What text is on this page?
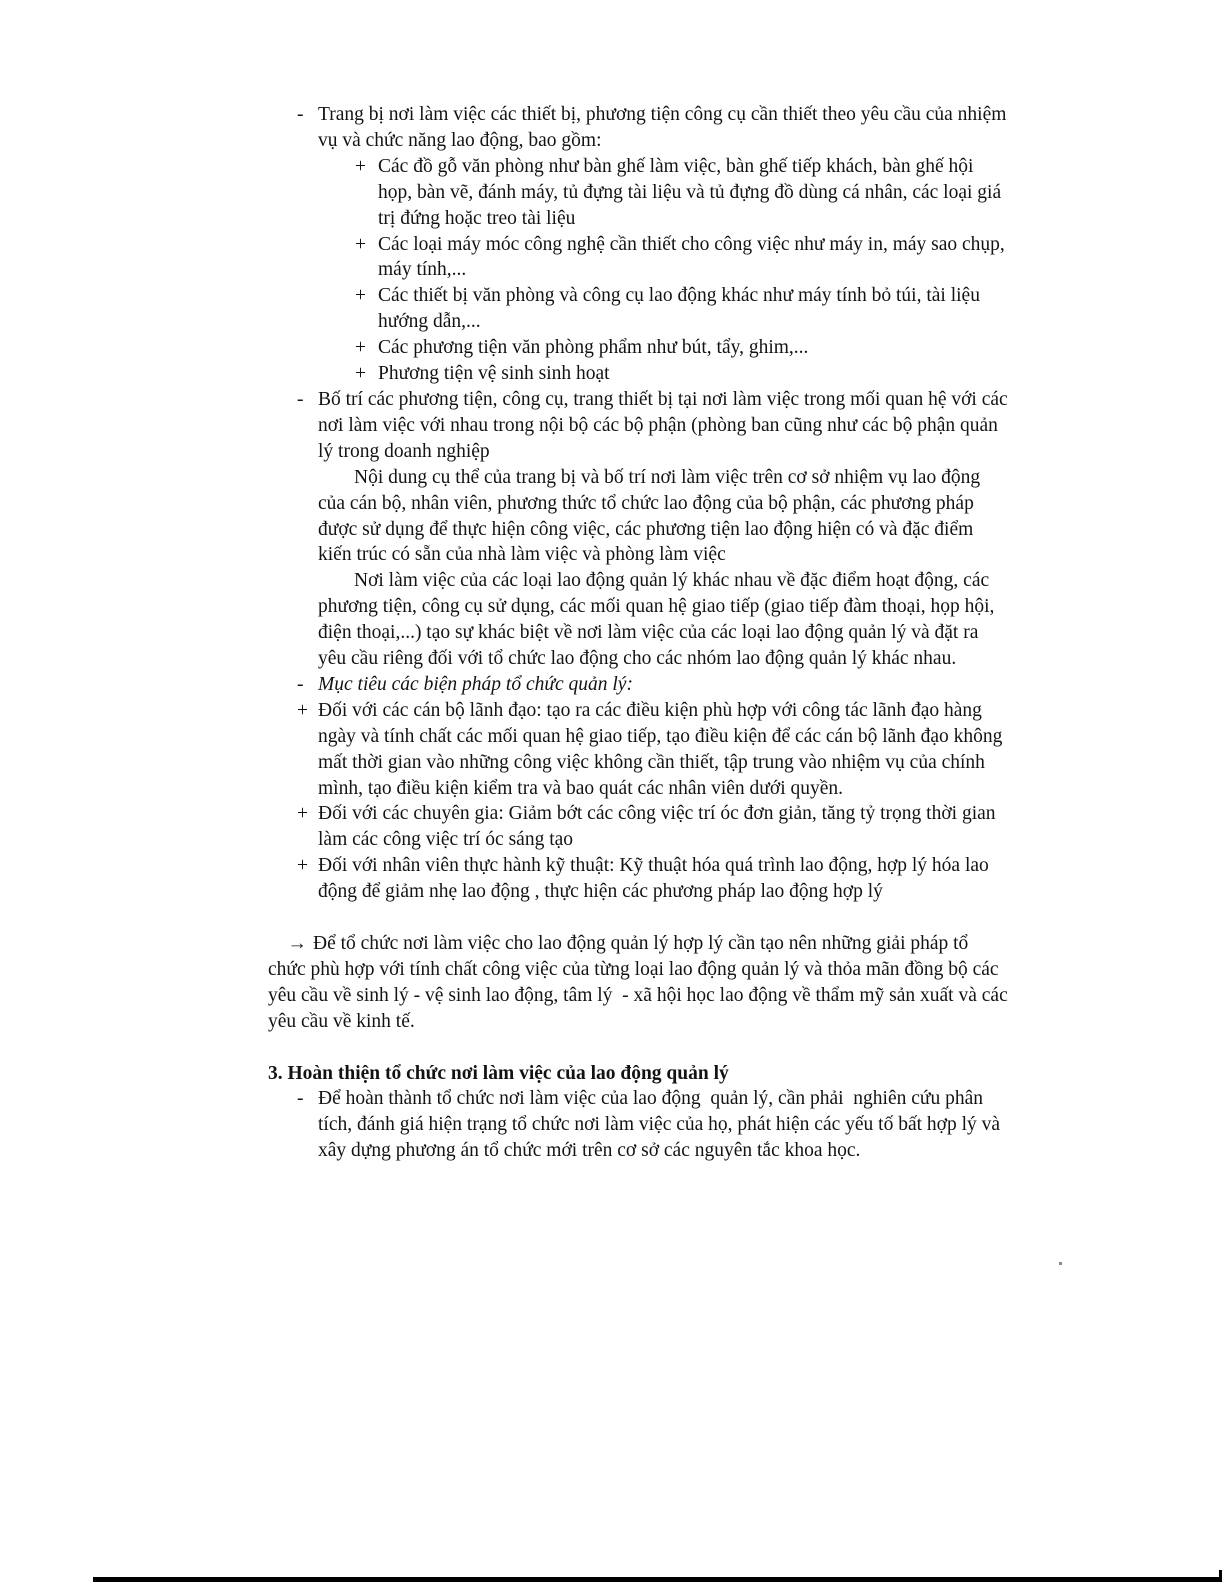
- Trang bị nơi làm việc các thiết bị, phương tiện công cụ cần thiết theo yêu cầu của nhiệm vụ và chức năng lao động, bao gồm:
+ Các đồ gỗ văn phòng như bàn ghế làm việc, bàn ghế tiếp khách, bàn ghế hội họp, bàn vẽ, đánh máy, tủ đựng tài liệu và tủ đựng đồ dùng cá nhân, các loại giá trị đứng hoặc treo tài liệu
+ Các loại máy móc công nghệ cần thiết cho công việc như máy in, máy sao chụp, máy tính,...
+ Các thiết bị văn phòng và công cụ lao động khác như máy tính bỏ túi, tài liệu hướng dẫn,...
+ Các phương tiện văn phòng phẩm như bút, tẩy, ghim,...
+ Phương tiện vệ sinh sinh hoạt
- Bố trí các phương tiện, công cụ, trang thiết bị tại nơi làm việc trong mối quan hệ với các nơi làm việc với nhau trong nội bộ các bộ phận (phòng ban cũng như các bộ phận quản lý trong doanh nghiệp

Nội dung cụ thể của trang bị và bố trí nơi làm việc trên cơ sở nhiệm vụ lao động của cán bộ, nhân viên, phương thức tổ chức lao động của bộ phận, các phương pháp được sử dụng để thực hiện công việc, các phương tiện lao động hiện có và đặc điểm kiến trúc có sẵn của nhà làm việc và phòng làm việc

Nơi làm việc của các loại lao động quản lý khác nhau về đặc điểm hoạt động, các phương tiện, công cụ sử dụng, các mối quan hệ giao tiếp (giao tiếp đàm thoại, họp hội, điện thoại,...) tạo sự khác biệt về nơi làm việc của các loại lao động quản lý và đặt ra yêu cầu riêng đối với tổ chức lao động cho các nhóm lao động quản lý khác nhau.

- Mục tiêu các biện pháp tổ chức quản lý:
+ Đối với các cán bộ lãnh đạo: tạo ra các điều kiện phù hợp với công tác lãnh đạo hàng ngày và tính chất các mối quan hệ giao tiếp, tạo điều kiện để các cán bộ lãnh đạo không mất thời gian vào những công việc không cần thiết, tập trung vào nhiệm vụ của chính mình, tạo điều kiện kiểm tra và bao quát các nhân viên dưới quyền.
+ Đối với các chuyên gia: Giảm bớt các công việc trí óc đơn giản, tăng tỷ trọng thời gian làm các công việc trí óc sáng tạo
+ Đối với nhân viên thực hành kỹ thuật: Kỹ thuật hóa quá trình lao động, hợp lý hóa lao động để giảm nhẹ lao động , thực hiện các phương pháp lao động hợp lý

→ Để tổ chức nơi làm việc cho lao động quản lý hợp lý cần tạo nên những giải pháp tổ chức phù hợp với tính chất công việc của từng loại lao động quản lý và thỏa mãn đồng bộ các yêu cầu về sinh lý - vệ sinh lao động, tâm lý  - xã hội học lao động về thẩm mỹ sản xuất và các yêu cầu về kinh tế.

3. Hoàn thiện tổ chức nơi làm việc của lao động quản lý
- Để hoàn thành tổ chức nơi làm việc của lao động  quản lý, cần phải  nghiên cứu phân tích, đánh giá hiện trạng tổ chức nơi làm việc của họ, phát hiện các yếu tố bất hợp lý và xây dựng phương án tổ chức mới trên cơ sở các nguyên tắc khoa học.
